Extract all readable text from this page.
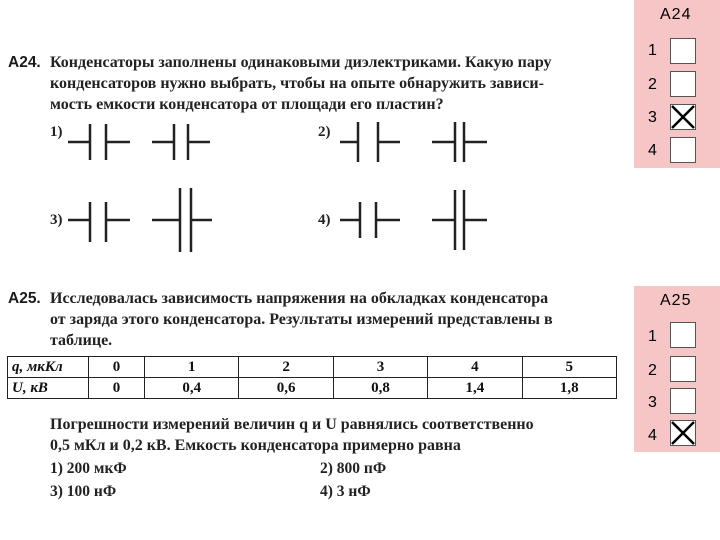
А24. Конденсаторы заполнены одинаковыми диэлектриками. Какую пару
конденсаторов нужно выбрать, чтобы на опыте обнаружить зависи-
мость емкости конденсатора от площади его пластин?
1)	2)
3)	4)
А25. Исследовалась зависимость напряжения на обкладках конденсатора
от заряда этого конденсатора. Результаты измерений представлены в
таблице.
q, мкКл	0	1	2	3	4	5
U, кВ	0	0,4	0,6	0,8	1,4	1,8
Погрешности измерений величин q и U равнялись соответственно
0,5 мКл и 0,2 кВ. Емкость конденсатора примерно равна
1) 200 мкФ	2) 800 пФ
3) 100 нФ	4) 3 нФ
А24
1
2
3
4
А25
1
2
3
4
